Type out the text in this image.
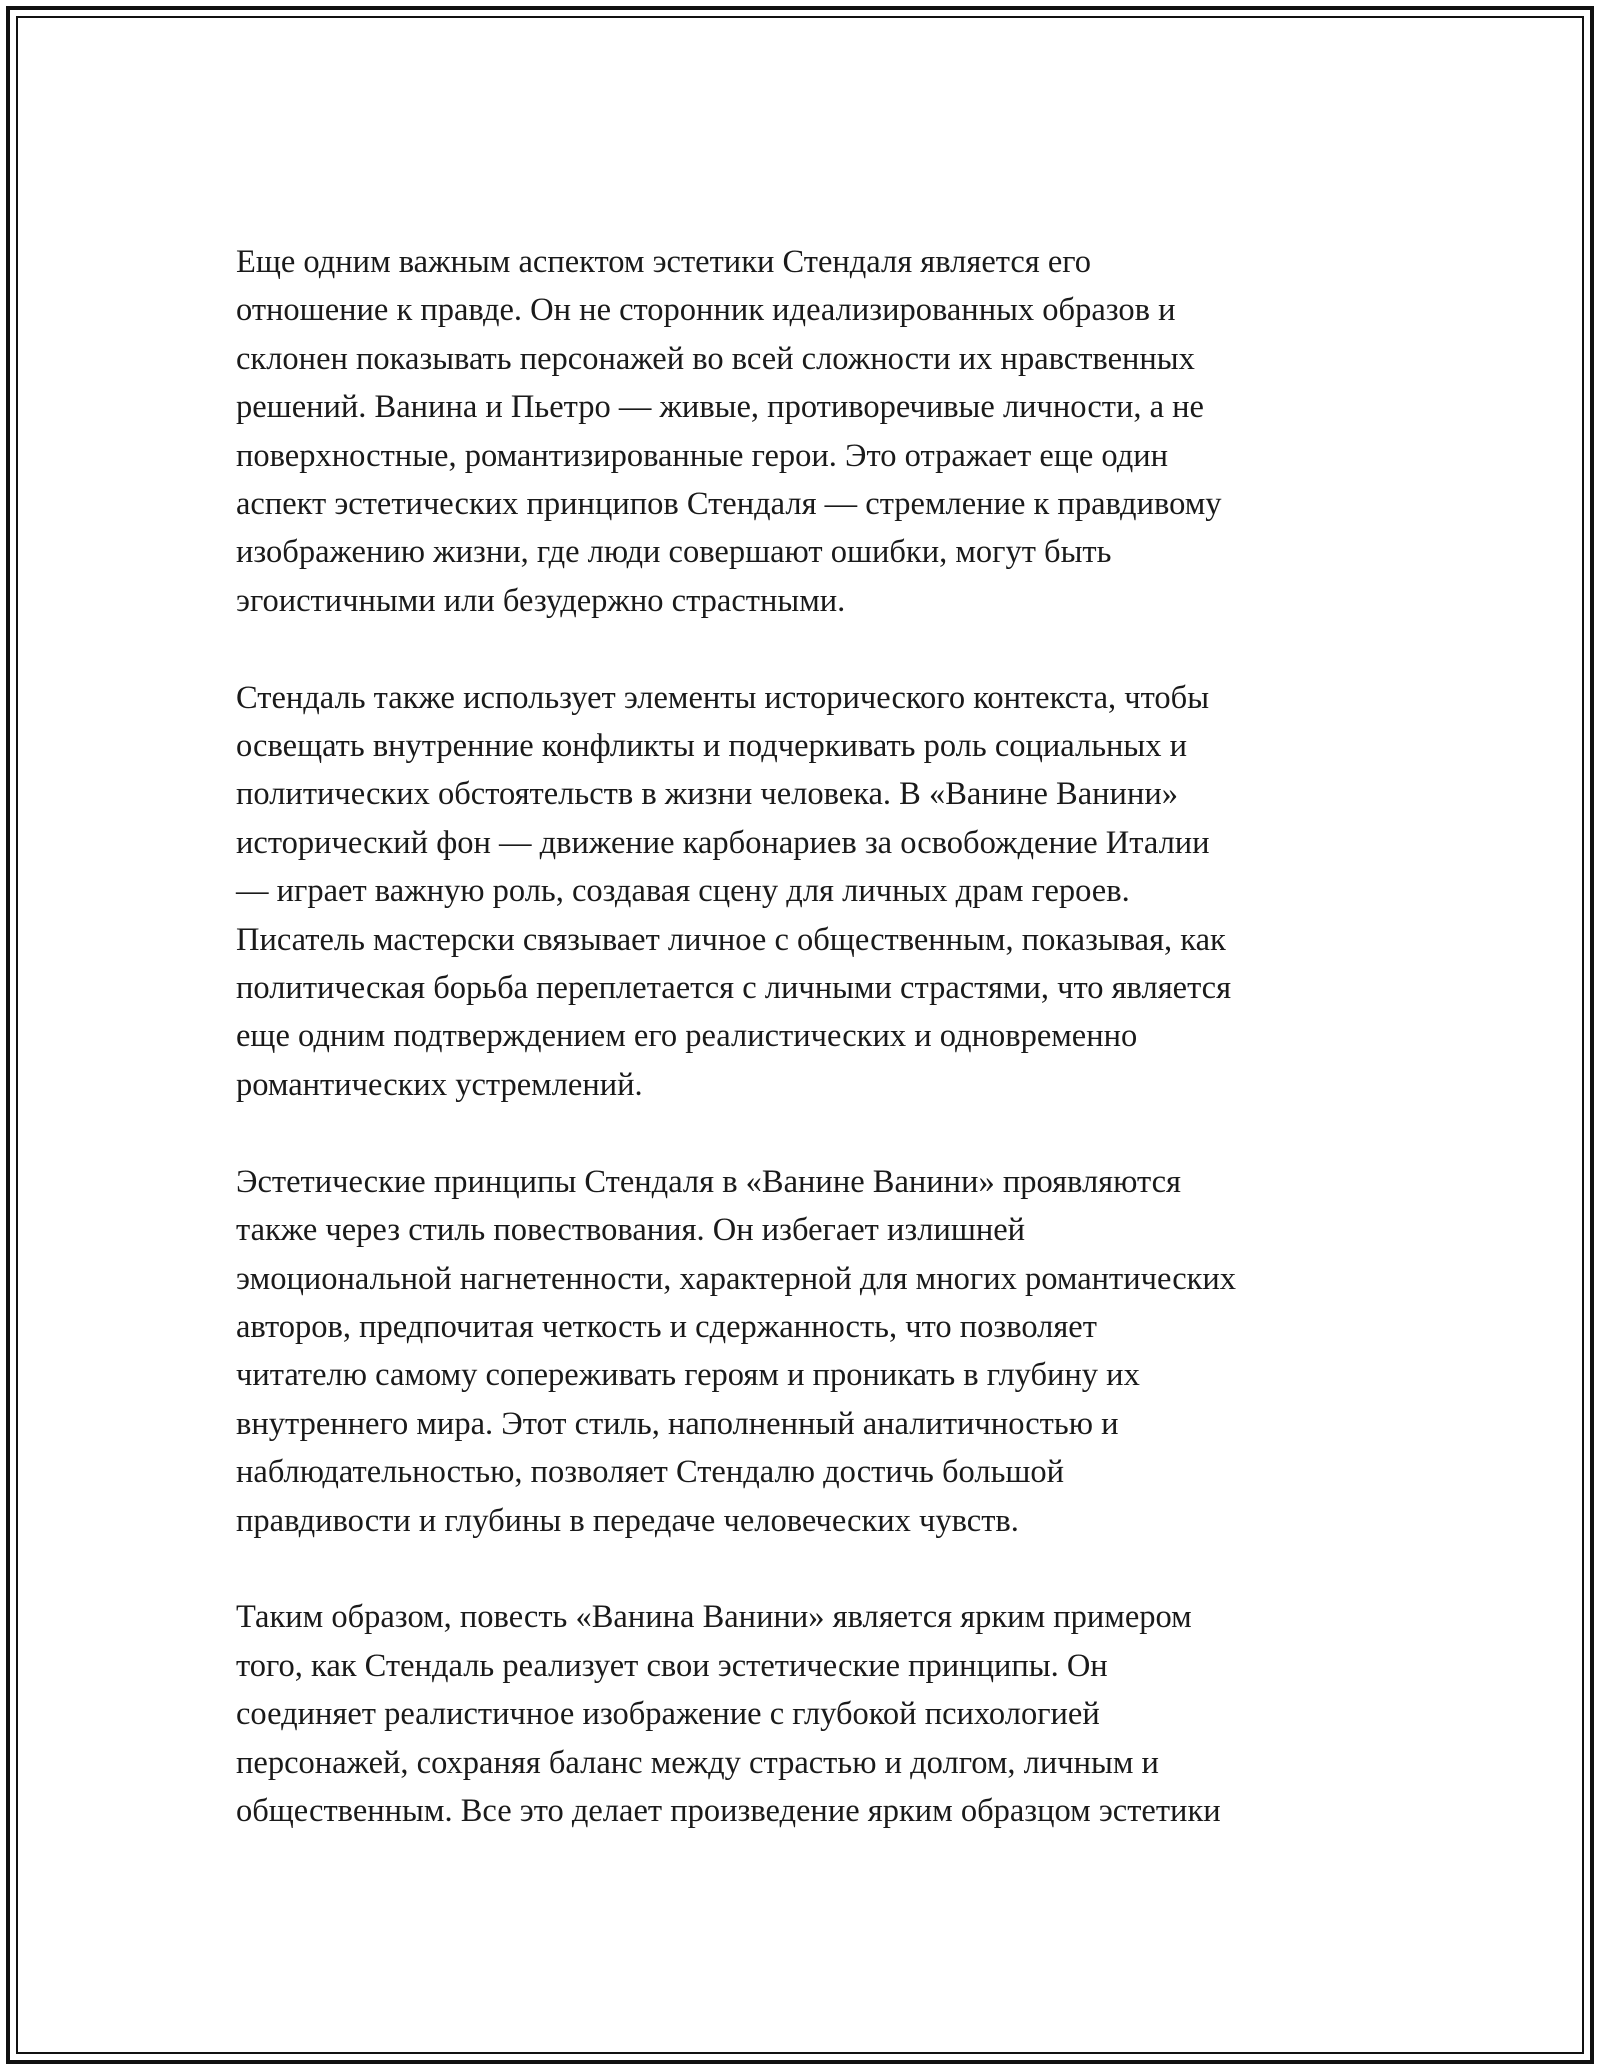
Еще одним важным аспектом эстетики Стендаля является его
отношение к правде. Он не сторонник идеализированных образов и
склонен показывать персонажей во всей сложности их нравственных
решений. Ванина и Пьетро — живые, противоречивые личности, а не
поверхностные, романтизированные герои. Это отражает еще один
аспект эстетических принципов Стендаля — стремление к правдивому
изображению жизни, где люди совершают ошибки, могут быть
эгоистичными или безудержно страстными.

Стендаль также использует элементы исторического контекста, чтобы
освещать внутренние конфликты и подчеркивать роль социальных и
политических обстоятельств в жизни человека. В «Ванине Ванини»
исторический фон — движение карбонариев за освобождение Италии
— играет важную роль, создавая сцену для личных драм героев.
Писатель мастерски связывает личное с общественным, показывая, как
политическая борьба переплетается с личными страстями, что является
еще одним подтверждением его реалистических и одновременно
романтических устремлений.

Эстетические принципы Стендаля в «Ванине Ванини» проявляются
также через стиль повествования. Он избегает излишней
эмоциональной нагнетенности, характерной для многих романтических
авторов, предпочитая четкость и сдержанность, что позволяет
читателю самому сопереживать героям и проникать в глубину их
внутреннего мира. Этот стиль, наполненный аналитичностью и
наблюдательностью, позволяет Стендалю достичь большой
правдивости и глубины в передаче человеческих чувств.

Таким образом, повесть «Ванина Ванини» является ярким примером
того, как Стендаль реализует свои эстетические принципы. Он
соединяет реалистичное изображение с глубокой психологией
персонажей, сохраняя баланс между страстью и долгом, личным и
общественным. Все это делает произведение ярким образцом эстетики
